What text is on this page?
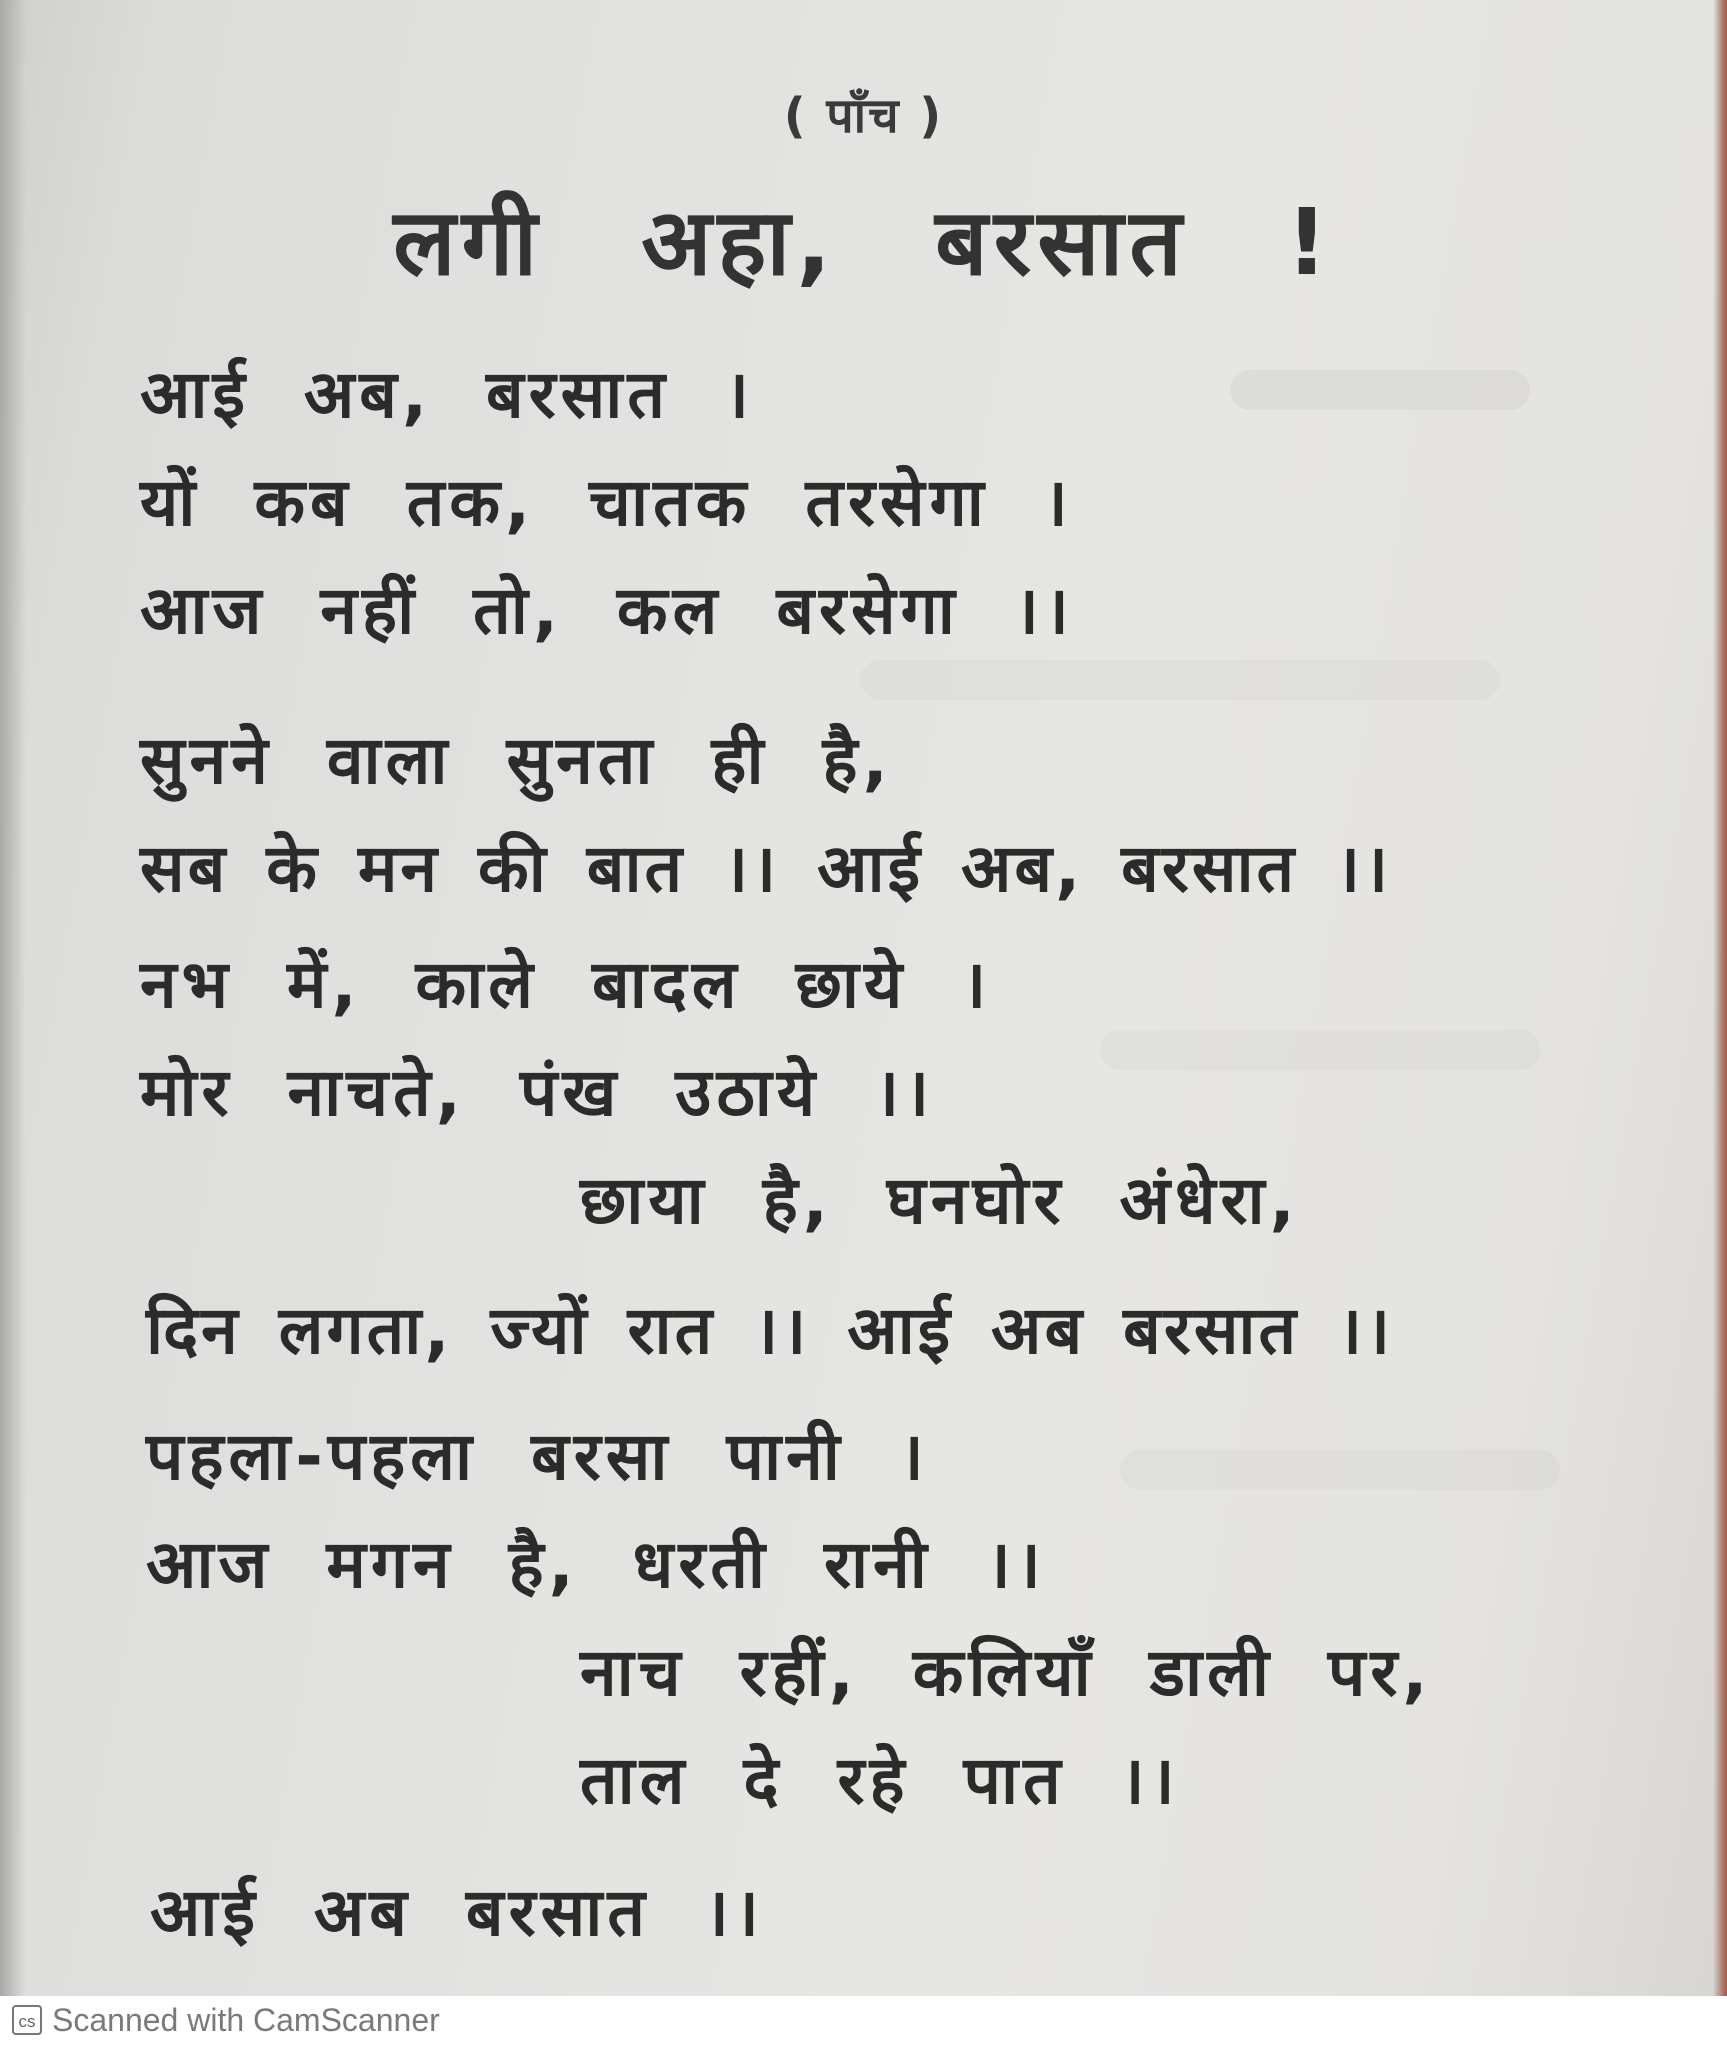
( पाँच )
लगी अहा, बरसात !
आई अब, बरसात ।
यों कब तक, चातक तरसेगा ।
आज नहीं तो, कल बरसेगा ।।
सुनने वाला सुनता ही है,
सब के मन की बात ।। आई अब, बरसात ।।
नभ में, काले बादल छाये ।
मोर नाचते, पंख उठाये ।।
छाया है, घनघोर अंधेरा,
दिन लगता, ज्यों रात ।। आई अब बरसात ।।
पहला-पहला बरसा पानी ।
आज मगन है, धरती रानी ।।
नाच रहीं, कलियाँ डाली पर,
ताल दे रहे पात ।।
आई अब बरसात ।।
cs Scanned with CamScanner
